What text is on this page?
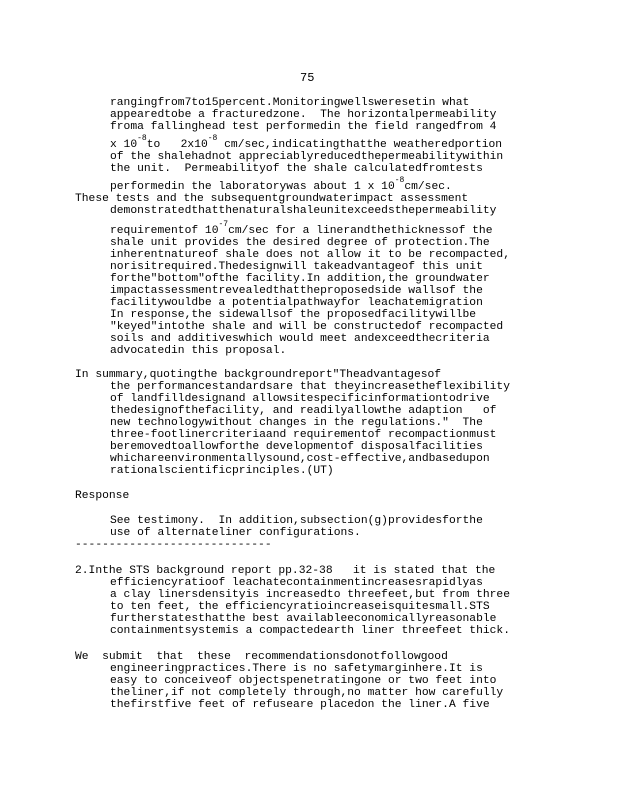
75
rangingfrom7to15percent.Monitoringwellsweresetin what
appearedtobe a fracturedzone.  The horizontalpermeability
froma fallinghead test performedin the field rangedfrom 4
x $10^{-8}to$   $2x10^{-8}$ cm/sec,indicatingthatthe weatheredportion
of the shalehadnot appreciablyreducedthepermeabilitywithin
the unit.  Permeabilityof the shale calculatedfromtests
performedin the laboratorywas about 1 x $10^{-8}cm/\sec$.
These tests and the subsequentgroundwaterimpact assessment
demonstratedthatthenaturalshaleunitexceedsthepermeability
requirementof $10^{-7}cm/\sec$ for a linerandthethicknessof the
shale unit provides the desired degree of protection.The
inherentnatureof shale does not allow it to be recompacted,
norisitrequired.Thedesignwill takeadvantageof this unit
forthe"bottom"ofthe facility.In addition,the groundwater
impactassessmentrevealedthattheproposedside wallsof the
facilitywouldbe a potentialpathwayfor leachatemigration
In response,the sidewallsof the proposedfacilitywillbe
"keyed"intothe shale and will be constructedof recompacted
soils and additiveswhich would meet andexceedthecriteria
advocatedin this proposal.
In summary,quotingthe backgroundreport"Theadvantagesof
the performancestandardsare that theyincreasetheflexibility
of landfilldesignand allowsitespecificinformationtodrive
thedesignofthefacility, and readilyallowthe adaption   of
new technologywithout changes in the regulations."  The
three-footlinercriteriaand requirementof recompactionmust
beremovedtoallowforthe developmentof disposalfacilities
whichareenvironmentallysound,cost-effective,andbasedupon
rationalscientificprinciples.(UT)
Response
See testimony.  In addition,subsection(g)providesforthe
use of alternateliner configurations.
-----------------------------
2.Inthe STS background report pp.32-38   it is stated that the
efficiencyratioof leachatecontainmentincreasesrapidlyas
a clay linersdensityis increasedto threefeet,but from three
to ten feet, the efficiencyratioincreaseisquitesmall.STS
furtherstatesthatthe best availableeconomicallyreasonable
containmentsystemis a compactedearth liner threefeet thick.
We  submit  that  these  recommendationsdonotfollowgood
engineeringpractices.There is no safetymarginhere.It is
easy to conceiveof objectspenetratingone or two feet into
theliner,if not completely through,no matter how carefully
thefirstfive feet of refuseare placedon the liner.A five
